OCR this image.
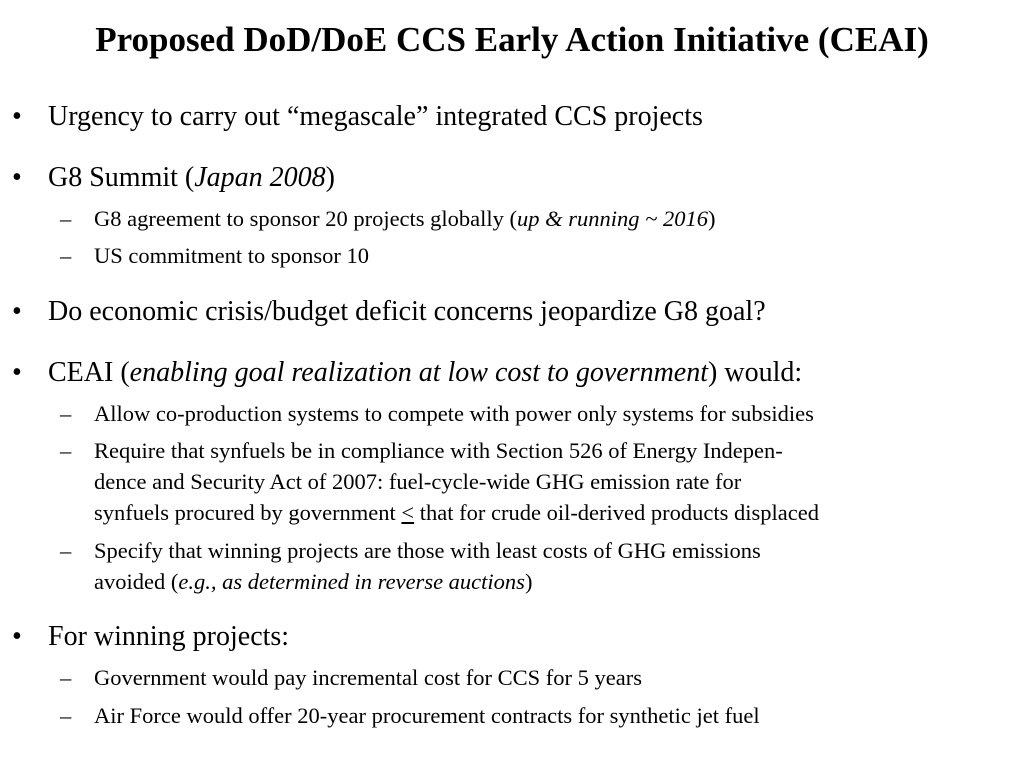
Proposed DoD/DoE CCS Early Action Initiative (CEAI)
• Urgency to carry out “megascale” integrated CCS projects
• G8 Summit (Japan 2008)
– G8 agreement to sponsor 20 projects globally (up & running ~ 2016)
– US commitment to sponsor 10
• Do economic crisis/budget deficit concerns jeopardize G8 goal?
• CEAI (enabling goal realization at low cost to government) would:
– Allow co-production systems to compete with power only systems for subsidies
– Require that synfuels be in compliance with Section 526 of Energy Indepen-
dence and Security Act of 2007: fuel-cycle-wide GHG emission rate for
synfuels procured by government < that for crude oil-derived products displaced
– Specify that winning projects are those with least costs of GHG emissions
avoided (e.g., as determined in reverse auctions)
• For winning projects:
– Government would pay incremental cost for CCS for 5 years
– Air Force would offer 20-year procurement contracts for synthetic jet fuel
